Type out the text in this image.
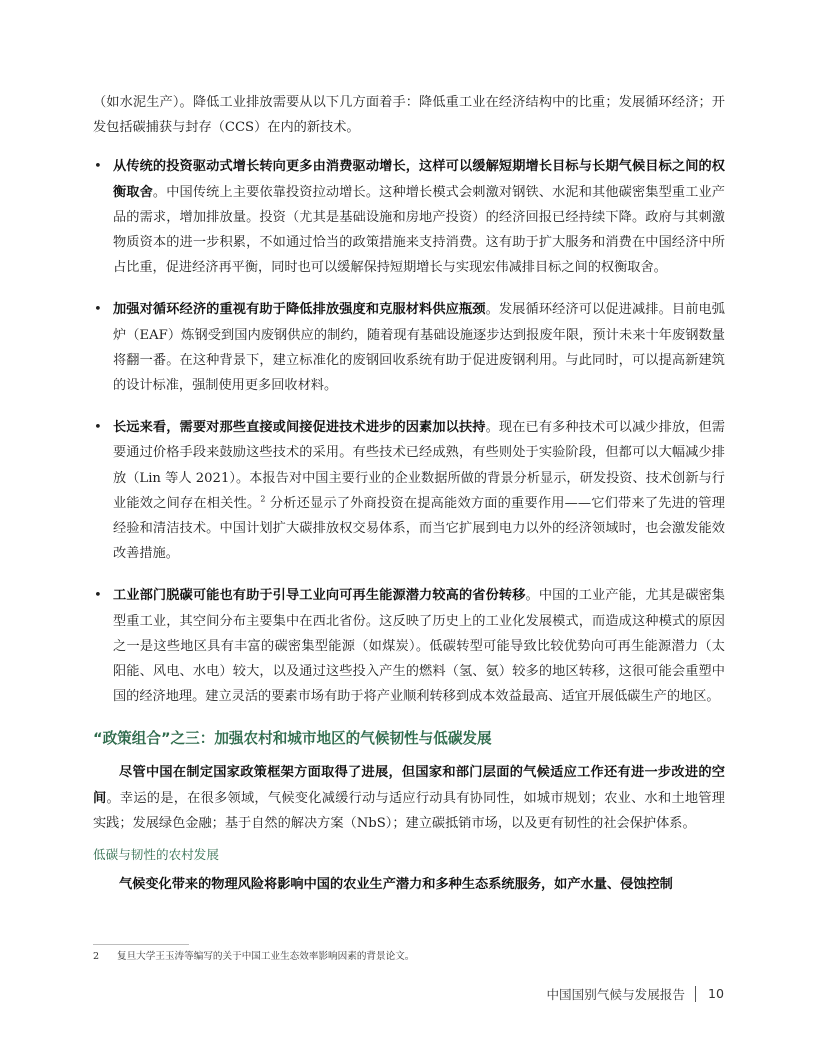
（如水泥生产）。降低工业排放需要从以下几方面着手：降低重工业在经济结构中的比重；发展循环经济；开发包括碳捕获与封存（CCS）在内的新技术。

• 从传统的投资驱动式增长转向更多由消费驱动增长，这样可以缓解短期增长目标与长期气候目标之间的权衡取舍。中国传统上主要依靠投资拉动增长。这种增长模式会刺激对钢铁、水泥和其他碳密集型重工业产品的需求，增加排放量。投资（尤其是基础设施和房地产投资）的经济回报已经持续下降。政府与其刺激物质资本的进一步积累，不如通过恰当的政策措施来支持消费。这有助于扩大服务和消费在中国经济中所占比重，促进经济再平衡，同时也可以缓解保持短期增长与实现宏伟减排目标之间的权衡取舍。
• 加强对循环经济的重视有助于降低排放强度和克服材料供应瓶颈。发展循环经济可以促进减排。目前电弧炉（EAF）炼钢受到国内废钢供应的制约，随着现有基础设施逐步达到报废年限，预计未来十年废钢数量将翻一番。在这种背景下，建立标准化的废钢回收系统有助于促进废钢利用。与此同时，可以提高新建筑的设计标准，强制使用更多回收材料。
• 长远来看，需要对那些直接或间接促进技术进步的因素加以扶持。现在已有多种技术可以减少排放，但需要通过价格手段来鼓励这些技术的采用。有些技术已经成熟，有些则处于实验阶段，但都可以大幅减少排放（Lin 等人 2021）。本报告对中国主要行业的企业数据所做的背景分析显示，研发投资、技术创新与行业能效之间存在相关性。$^2$ 分析还显示了外商投资在提高能效方面的重要作用——它们带来了先进的管理经验和清洁技术。中国计划扩大碳排放权交易体系，而当它扩展到电力以外的经济领域时，也会激发能效改善措施。
• 工业部门脱碳可能也有助于引导工业向可再生能源潜力较高的省份转移。中国的工业产能，尤其是碳密集型重工业，其空间分布主要集中在西北省份。这反映了历史上的工业化发展模式，而造成这种模式的原因之一是这些地区具有丰富的碳密集型能源（如煤炭）。低碳转型可能导致比较优势向可再生能源潜力（太阳能、风电、水电）较大，以及通过这些投入产生的燃料（氢、氨）较多的地区转移，这很可能会重塑中国的经济地理。建立灵活的要素市场有助于将产业顺利转移到成本效益最高、适宜开展低碳生产的地区。
“政策组合”之三：加强农村和城市地区的气候韧性与低碳发展

尽管中国在制定国家政策框架方面取得了进展，但国家和部门层面的气候适应工作还有进一步改进的空间。幸运的是，在很多领域，气候变化减缓行动与适应行动具有协同性，如城市规划；农业、水和土地管理实践；发展绿色金融；基于自然的解决方案（NbS）；建立碳抵销市场，以及更有韧性的社会保护体系。

低碳与韧性的农村发展

气候变化带来的物理风险将影响中国的农业生产潜力和多种生态系统服务，如产水量、侵蚀控制

2 复旦大学王玉涛等编写的关于中国工业生态效率影响因素的背景论文。
中国国别气候与发展报告 10
